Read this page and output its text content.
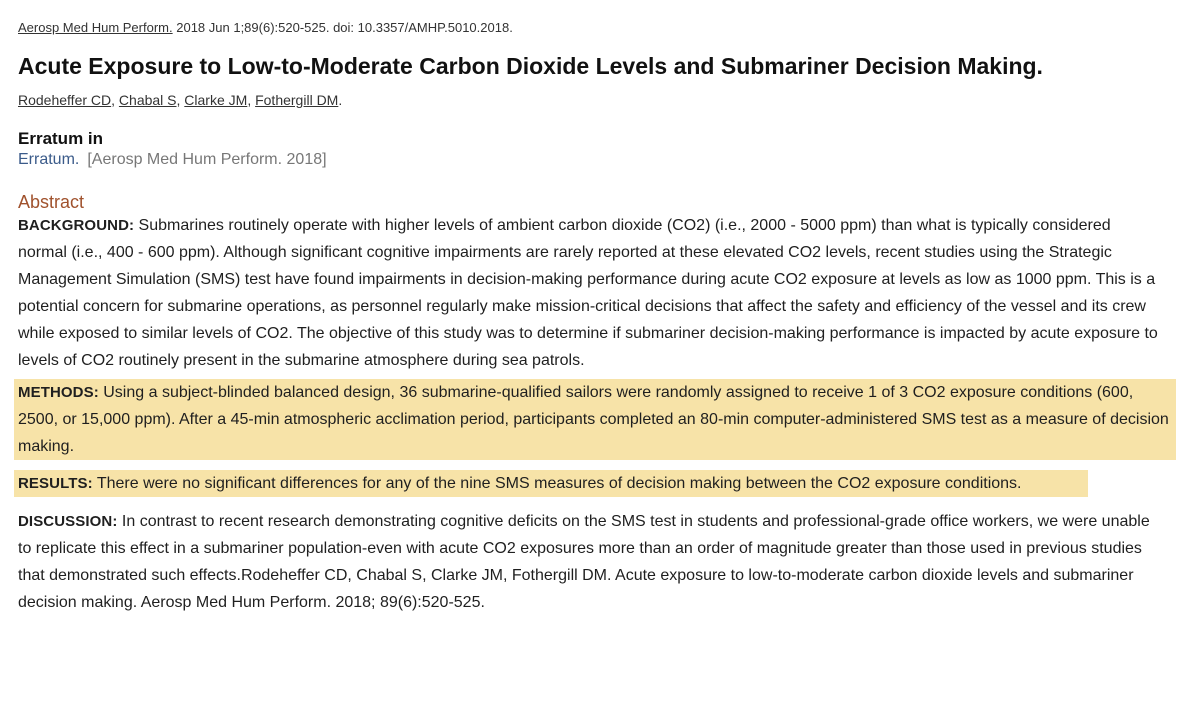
Aerosp Med Hum Perform. 2018 Jun 1;89(6):520-525. doi: 10.3357/AMHP.5010.2018.
Acute Exposure to Low-to-Moderate Carbon Dioxide Levels and Submariner Decision Making.
Rodeheffer CD, Chabal S, Clarke JM, Fothergill DM.
Erratum in
Erratum. [Aerosp Med Hum Perform. 2018]
Abstract
BACKGROUND: Submarines routinely operate with higher levels of ambient carbon dioxide (CO2) (i.e., 2000 - 5000 ppm) than what is typically considered normal (i.e., 400 - 600 ppm). Although significant cognitive impairments are rarely reported at these elevated CO2 levels, recent studies using the Strategic Management Simulation (SMS) test have found impairments in decision-making performance during acute CO2 exposure at levels as low as 1000 ppm. This is a potential concern for submarine operations, as personnel regularly make mission-critical decisions that affect the safety and efficiency of the vessel and its crew while exposed to similar levels of CO2. The objective of this study was to determine if submariner decision-making performance is impacted by acute exposure to levels of CO2 routinely present in the submarine atmosphere during sea patrols.
METHODS: Using a subject-blinded balanced design, 36 submarine-qualified sailors were randomly assigned to receive 1 of 3 CO2 exposure conditions (600, 2500, or 15,000 ppm). After a 45-min atmospheric acclimation period, participants completed an 80-min computer-administered SMS test as a measure of decision making.
RESULTS: There were no significant differences for any of the nine SMS measures of decision making between the CO2 exposure conditions.
DISCUSSION: In contrast to recent research demonstrating cognitive deficits on the SMS test in students and professional-grade office workers, we were unable to replicate this effect in a submariner population-even with acute CO2 exposures more than an order of magnitude greater than those used in previous studies that demonstrated such effects.Rodeheffer CD, Chabal S, Clarke JM, Fothergill DM. Acute exposure to low-to-moderate carbon dioxide levels and submariner decision making. Aerosp Med Hum Perform. 2018; 89(6):520-525.
